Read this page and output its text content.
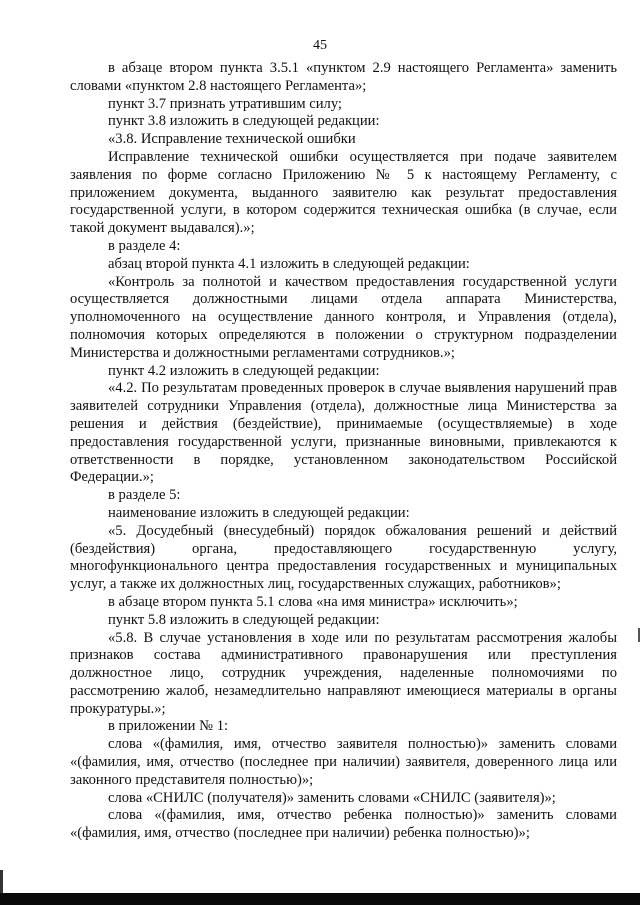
45

в абзаце втором пункта 3.5.1 «пунктом 2.9 настоящего Регламента» заменить словами «пунктом 2.8 настоящего Регламента»;

пункт 3.7 признать утратившим силу;

пункт 3.8 изложить в следующей редакции:

«3.8. Исправление технической ошибки

Исправление технической ошибки осуществляется при подаче заявителем заявления по форме согласно Приложению № 5 к настоящему Регламенту, с приложением документа, выданного заявителю как результат предоставления государственной услуги, в котором содержится техническая ошибка (в случае, если такой документ выдавался).»;

в разделе 4:

абзац второй пункта 4.1 изложить в следующей редакции:

«Контроль за полнотой и качеством предоставления государственной услуги осуществляется должностными лицами отдела аппарата Министерства, уполномоченного на осуществление данного контроля, и Управления (отдела), полномочия которых определяются в положении о структурном подразделении Министерства и должностными регламентами сотрудников.»;

пункт 4.2 изложить в следующей редакции:

«4.2. По результатам проведенных проверок в случае выявления нарушений прав заявителей сотрудники Управления (отдела), должностные лица Министерства за решения и действия (бездействие), принимаемые (осуществляемые) в ходе предоставления государственной услуги, признанные виновными, привлекаются к ответственности в порядке, установленном законодательством Российской Федерации.»;

в разделе 5:

наименование изложить в следующей редакции:

«5. Досудебный (внесудебный) порядок обжалования решений и действий (бездействия) органа, предоставляющего государственную услугу, многофункционального центра предоставления государственных и муниципальных услуг, а также их должностных лиц, государственных служащих, работников»;

в абзаце втором пункта 5.1 слова «на имя министра» исключить»;

пункт 5.8 изложить в следующей редакции:

«5.8. В случае установления в ходе или по результатам рассмотрения жалобы признаков состава административного правонарушения или преступления должностное лицо, сотрудник учреждения, наделенные полномочиями по рассмотрению жалоб, незамедлительно направляют имеющиеся материалы в органы прокуратуры.»;

в приложении № 1:

слова «(фамилия, имя, отчество заявителя полностью)» заменить словами «(фамилия, имя, отчество (последнее при наличии) заявителя, доверенного лица или законного представителя полностью)»;

слова «СНИЛС (получателя)» заменить словами «СНИЛС (заявителя)»;

слова «(фамилия, имя, отчество ребенка полностью)» заменить словами «(фамилия, имя, отчество (последнее при наличии) ребенка полностью)»;
